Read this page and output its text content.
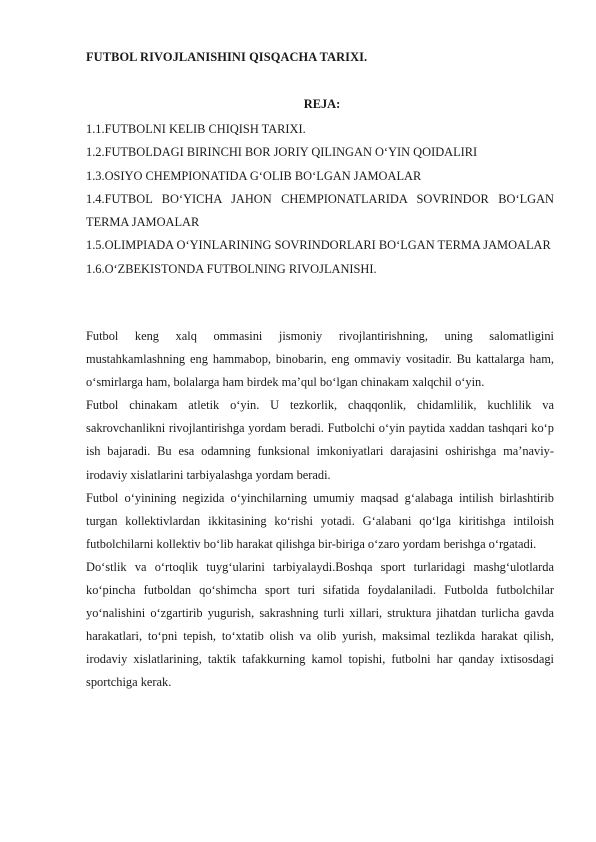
FUTBOL RIVOJLANISHINI QISQACHA TARIXI.
REJA:
1.1.FUTBOLNI KELIB CHIQISH TARIXI.
1.2.FUTBOLDAGI BIRINCHI BOR JORIY QILINGAN O‘YIN QOIDALIRI
1.3.OSIYO CHEMPIONATIDA G‘OLIB BO‘LGAN JAMOALAR
1.4.FUTBOL BO‘YICHA JAHON CHEMPIONATLARIDA SOVRINDOR BO‘LGAN TERMA JAMOALAR
1.5.OLIMPIADA O‘YINLARINING SOVRINDORLARI BO‘LGAN TERMA JAMOALAR
1.6.O‘ZBEKISTONDA FUTBOLNING RIVOJLANISHI.

Futbol keng xalq ommasini jismoniy rivojlantirishning, uning salomatligini mustahkamlashning eng hammabop, binobarin, eng ommaviy vositadir. Bu kattalarga ham, o‘smirlarga ham, bolalarga ham birdek ma’qul bo‘lgan chinakam xalqchil o‘yin.

Futbol chinakam atletik o‘yin. U tezkorlik, chaqqonlik, chidamlilik, kuchlilik va sakrovchanlikni rivojlantirishga yordam beradi. Futbolchi o‘yin paytida xaddan tashqari ko‘p ish bajaradi. Bu esa odamning funksional imkoniyatlari darajasini oshirishga ma’naviy-irodaviy xislatlarini tarbiyalashga yordam beradi.

Futbol o‘yinining negizida o‘yinchilarning umumiy maqsad g‘alabaga intilish birlashtirib turgan kollektivlardan ikkitasining ko‘rishi yotadi. G‘alabani qo‘lga kiritishga intiloish futbolchilarni kollektiv bo‘lib harakat qilishga bir-biriga o‘zaro yordam berishga o‘rgatadi.

Do‘stlik va o‘rtoqlik tuyg‘ularini tarbiyalaydi.Boshqa sport turlaridagi mashg‘ulotlarda ko‘pincha futboldan qo‘shimcha sport turi sifatida foydalaniladi. Futbolda futbolchilar yo‘nalishini o‘zgartirib yugurish, sakrashning turli xillari, struktura jihatdan turlicha gavda harakatlari, to‘pni tepish, to‘xtatib olish va olib yurish, maksimal tezlikda harakat qilish, irodaviy xislatlarining, taktik tafakkurning kamol topishi, futbolni har qanday ixtisosdagi sportchiga kerak.
